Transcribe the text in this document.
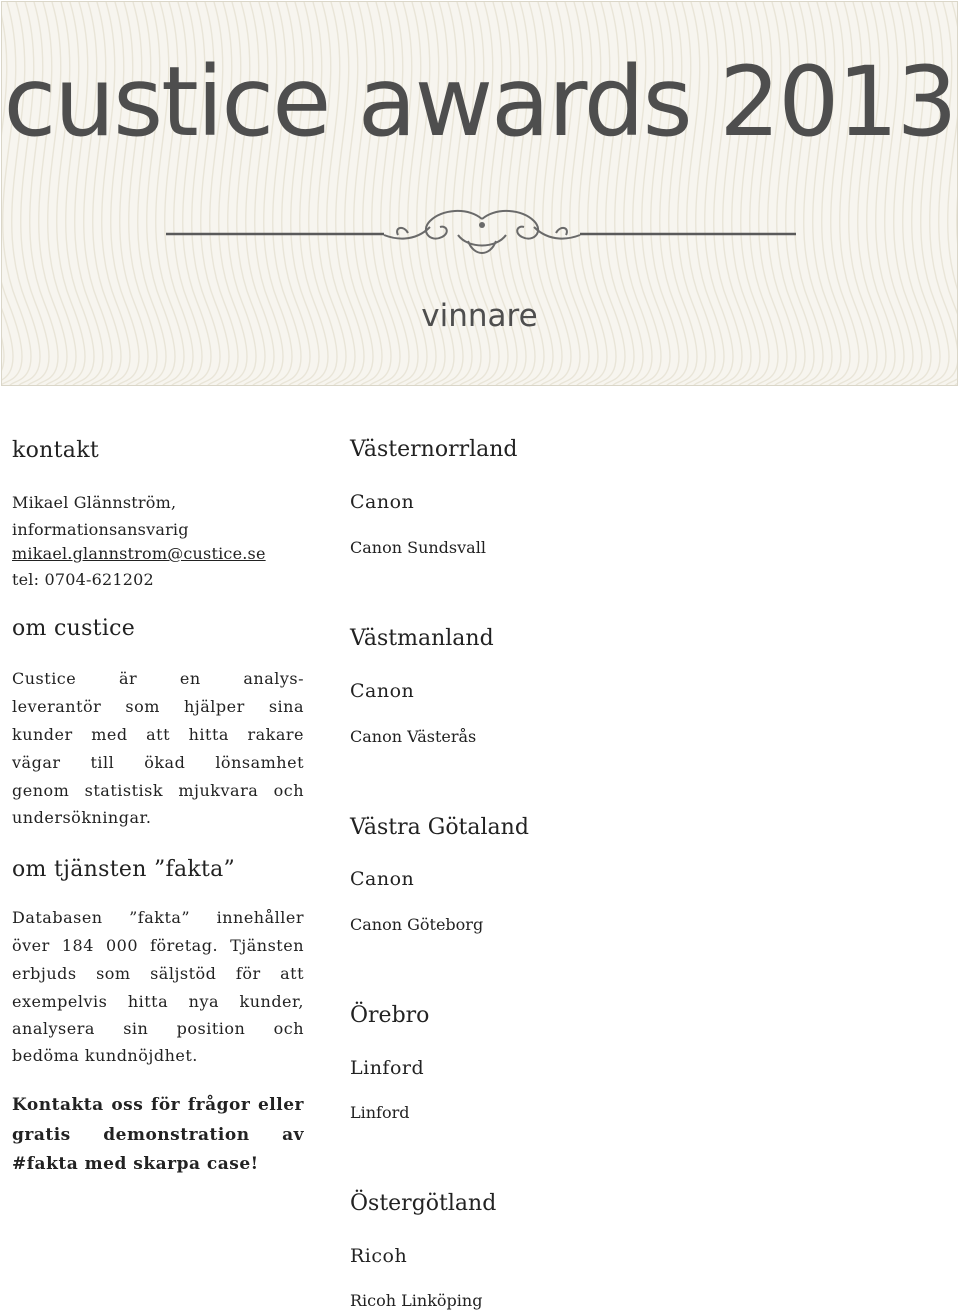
custice awards 2013
vinnare
kontakt
Mikael Glännström,
informationsansvarig
mikael.glannstrom@custice.se
tel: 0704-621202
om custice
Custice är en analys-
leverantör som hjälper sina
kunder med att hitta rakare
vägar till ökad lönsamhet
genom statistisk mjukvara och
undersökningar.
om tjänsten ”fakta”
Databasen ”fakta” innehåller
över 184 000 företag. Tjänsten
erbjuds som säljstöd för att
exempelvis hitta nya kunder,
analysera sin position och
bedöma kundnöjdhet.
Kontakta oss för frågor eller
gratis demonstration av
#fakta med skarpa case!
Västernorrland
Canon
Canon Sundsvall
Västmanland
Canon
Canon Västerås
Västra Götaland
Canon
Canon Göteborg
Örebro
Linford
Linford
Östergötland
Ricoh
Ricoh Linköping
